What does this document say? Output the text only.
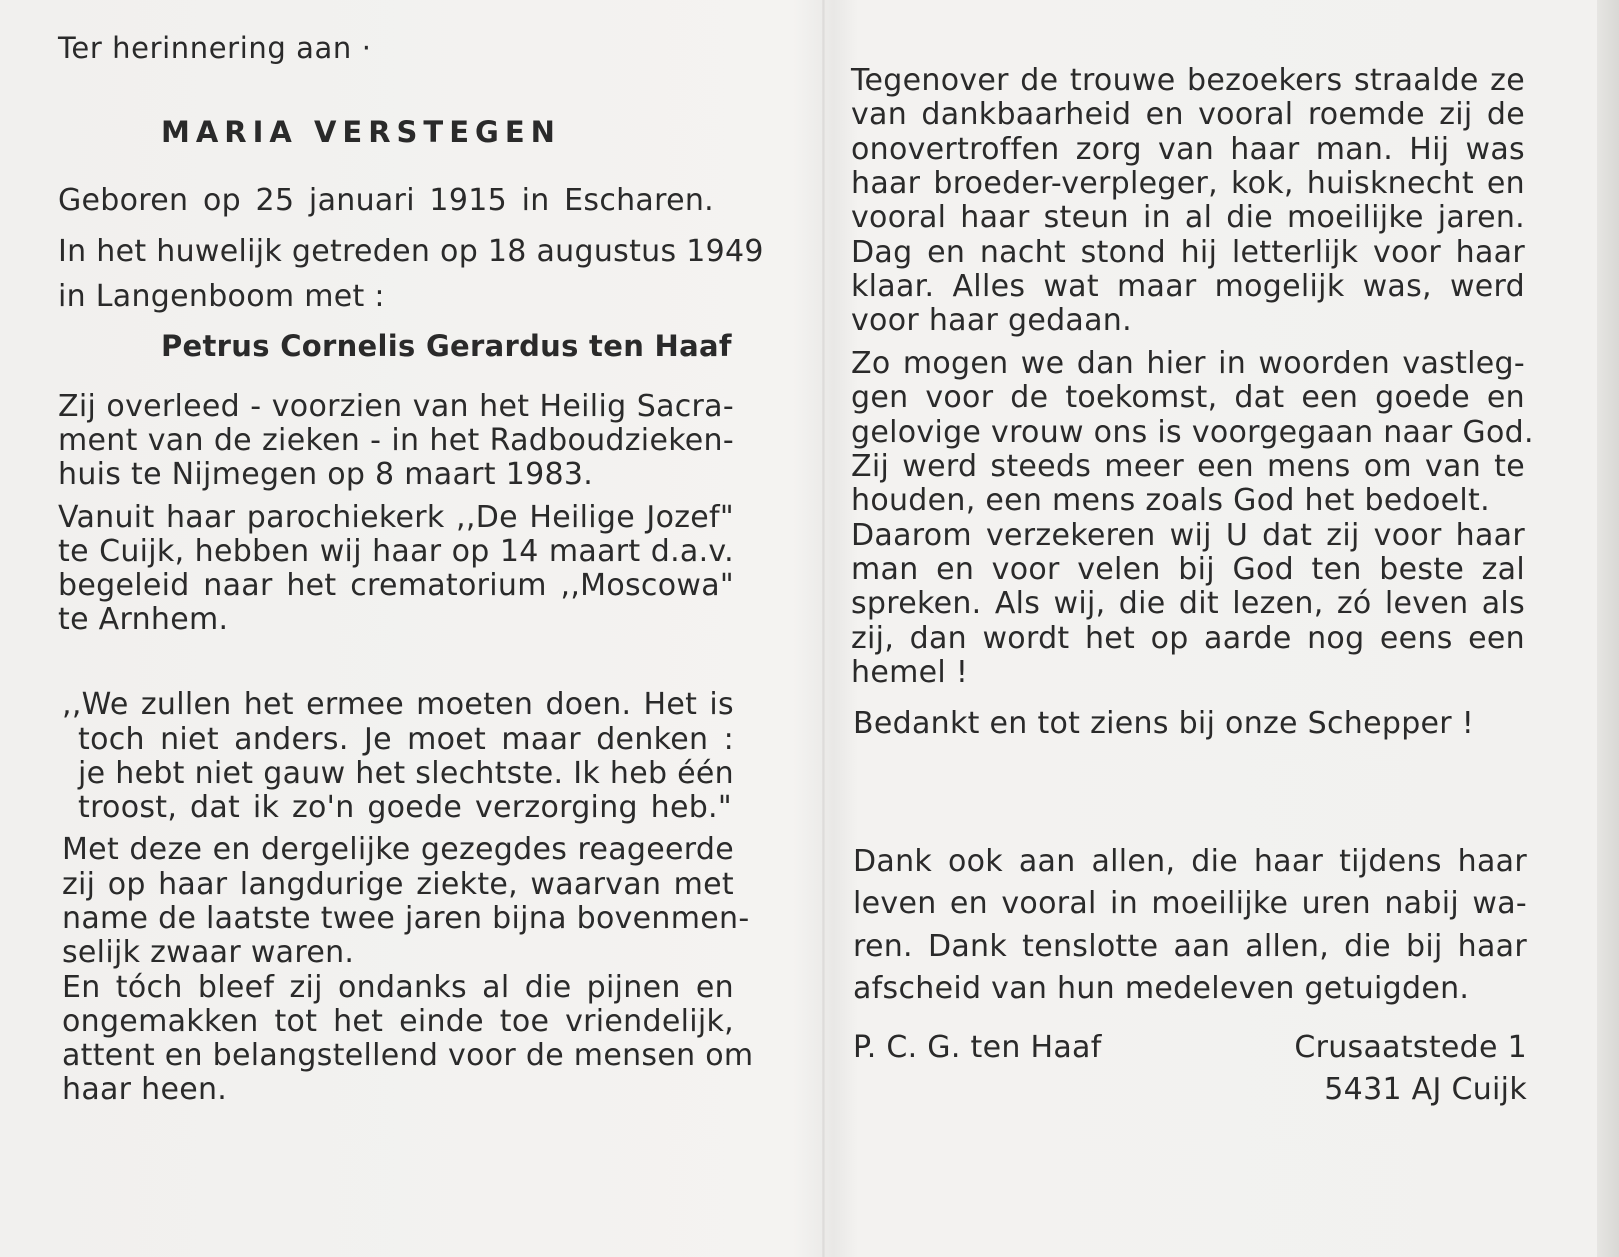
Ter herinnering aan ·
MARIA VERSTEGEN
Geboren op 25 januari 1915 in Escharen.
In het huwelijk getreden op 18 augustus 1949
in Langenboom met :
Petrus Cornelis Gerardus ten Haaf
Zij overleed - voorzien van het Heilig Sacra-
ment van de zieken - in het Radboudzieken-
huis te Nijmegen op 8 maart 1983.
Vanuit haar parochiekerk ,,De Heilige Jozef"
te Cuijk, hebben wij haar op 14 maart d.a.v.
begeleid naar het crematorium ,,Moscowa"
te Arnhem.
,,We zullen het ermee moeten doen. Het is
toch niet anders. Je moet maar denken :
je hebt niet gauw het slechtste. Ik heb één
troost, dat ik zo'n goede verzorging heb."
Met deze en dergelijke gezegdes reageerde
zij op haar langdurige ziekte, waarvan met
name de laatste twee jaren bijna bovenmen-
selijk zwaar waren.
En tóch bleef zij ondanks al die pijnen en
ongemakken tot het einde toe vriendelijk,
attent en belangstellend voor de mensen om
haar heen.
Tegenover de trouwe bezoekers straalde ze
van dankbaarheid en vooral roemde zij de
onovertroffen zorg van haar man. Hij was
haar broeder-verpleger, kok, huisknecht en
vooral haar steun in al die moeilijke jaren.
Dag en nacht stond hij letterlijk voor haar
klaar. Alles wat maar mogelijk was, werd
voor haar gedaan.
Zo mogen we dan hier in woorden vastleg-
gen voor de toekomst, dat een goede en
gelovige vrouw ons is voorgegaan naar God.
Zij werd steeds meer een mens om van te
houden, een mens zoals God het bedoelt.
Daarom verzekeren wij U dat zij voor haar
man en voor velen bij God ten beste zal
spreken. Als wij, die dit lezen, zó leven als
zij, dan wordt het op aarde nog eens een
hemel !
Bedankt en tot ziens bij onze Schepper !
Dank ook aan allen, die haar tijdens haar
leven en vooral in moeilijke uren nabij wa-
ren. Dank tenslotte aan allen, die bij haar
afscheid van hun medeleven getuigden.
P. C. G. ten Haaf	Crusaatstede 1
5431 AJ Cuijk
